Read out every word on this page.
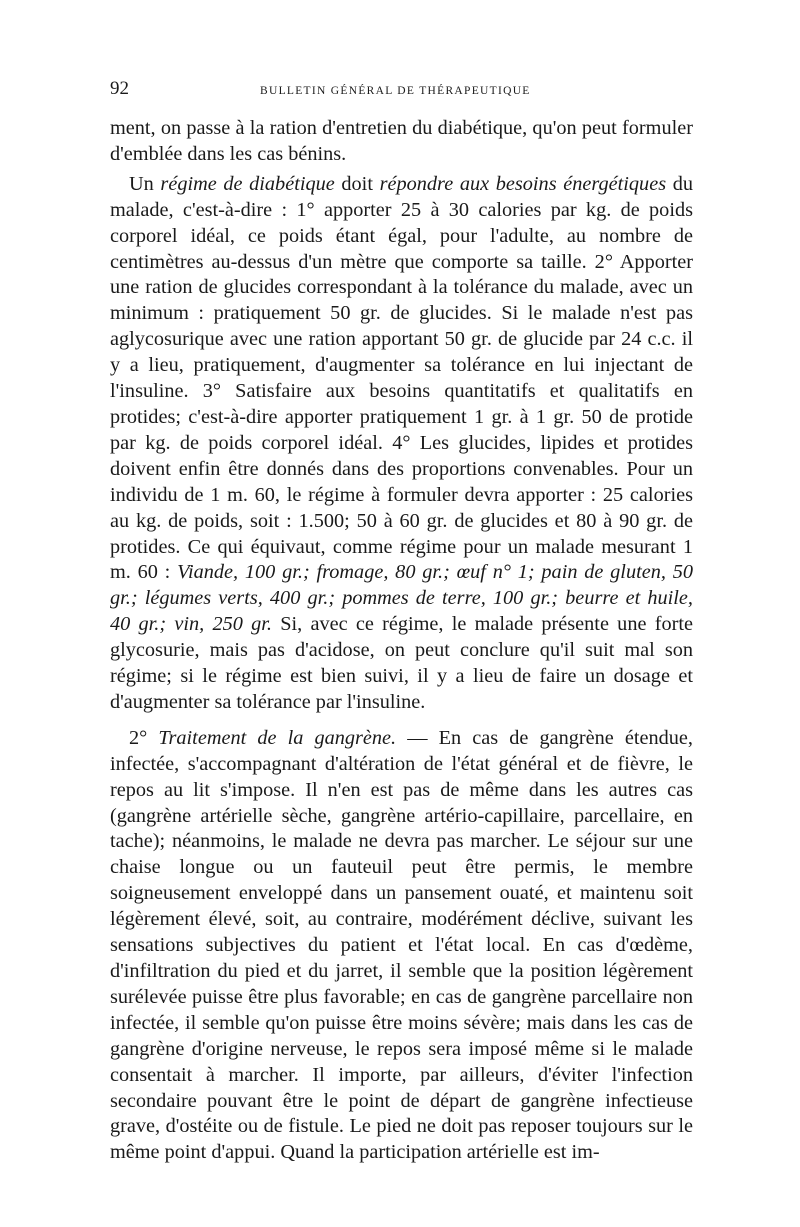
92	BULLETIN GÉNÉRAL DE THÉRAPEUTIQUE

ment, on passe à la ration d'entretien du diabétique, qu'on peut formuler d'emblée dans les cas bénins.

Un régime de diabétique doit répondre aux besoins énergétiques du malade, c'est-à-dire : 1° apporter 25 à 30 calories par kg. de poids corporel idéal, ce poids étant égal, pour l'adulte, au nombre de centimètres au-dessus d'un mètre que comporte sa taille. 2° Apporter une ration de glucides correspondant à la tolérance du malade, avec un minimum : pratiquement 50 gr. de glucides. Si le malade n'est pas aglycosurique avec une ration apportant 50 gr. de glucide par 24 c.c. il y a lieu, pratiquement, d'augmenter sa tolérance en lui injectant de l'insuline. 3° Satisfaire aux besoins quantitatifs et qualitatifs en protides; c'est-à-dire apporter pratiquement 1 gr. à 1 gr. 50 de protide par kg. de poids corporel idéal. 4° Les glucides, lipides et protides doivent enfin être donnés dans des proportions convenables. Pour un individu de 1 m. 60, le régime à formuler devra apporter : 25 calories au kg. de poids, soit : 1.500; 50 à 60 gr. de glucides et 80 à 90 gr. de protides. Ce qui équivaut, comme régime pour un malade mesurant 1 m. 60 : Viande, 100 gr.; fromage, 80 gr.; œuf n° 1; pain de gluten, 50 gr.; légumes verts, 400 gr.; pommes de terre, 100 gr.; beurre et huile, 40 gr.; vin, 250 gr. Si, avec ce régime, le malade présente une forte glycosurie, mais pas d'acidose, on peut conclure qu'il suit mal son régime; si le régime est bien suivi, il y a lieu de faire un dosage et d'augmenter sa tolérance par l'insuline.

2° Traitement de la gangrène. — En cas de gangrène étendue, infectée, s'accompagnant d'altération de l'état général et de fièvre, le repos au lit s'impose. Il n'en est pas de même dans les autres cas (gangrène artérielle sèche, gangrène artério-capillaire, parcellaire, en tache); néanmoins, le malade ne devra pas marcher. Le séjour sur une chaise longue ou un fauteuil peut être permis, le membre soigneusement enveloppé dans un pansement ouaté, et maintenu soit légèrement élevé, soit, au contraire, modérément déclive, suivant les sensations subjectives du patient et l'état local. En cas d'œdème, d'infiltration du pied et du jarret, il semble que la position légèrement surélevée puisse être plus favorable; en cas de gangrène parcellaire non infectée, il semble qu'on puisse être moins sévère; mais dans les cas de gangrène d'origine nerveuse, le repos sera imposé même si le malade consentait à marcher. Il importe, par ailleurs, d'éviter l'infection secondaire pouvant être le point de départ de gangrène infectieuse grave, d'ostéite ou de fistule. Le pied ne doit pas reposer toujours sur le même point d'appui. Quand la participation artérielle est im-
